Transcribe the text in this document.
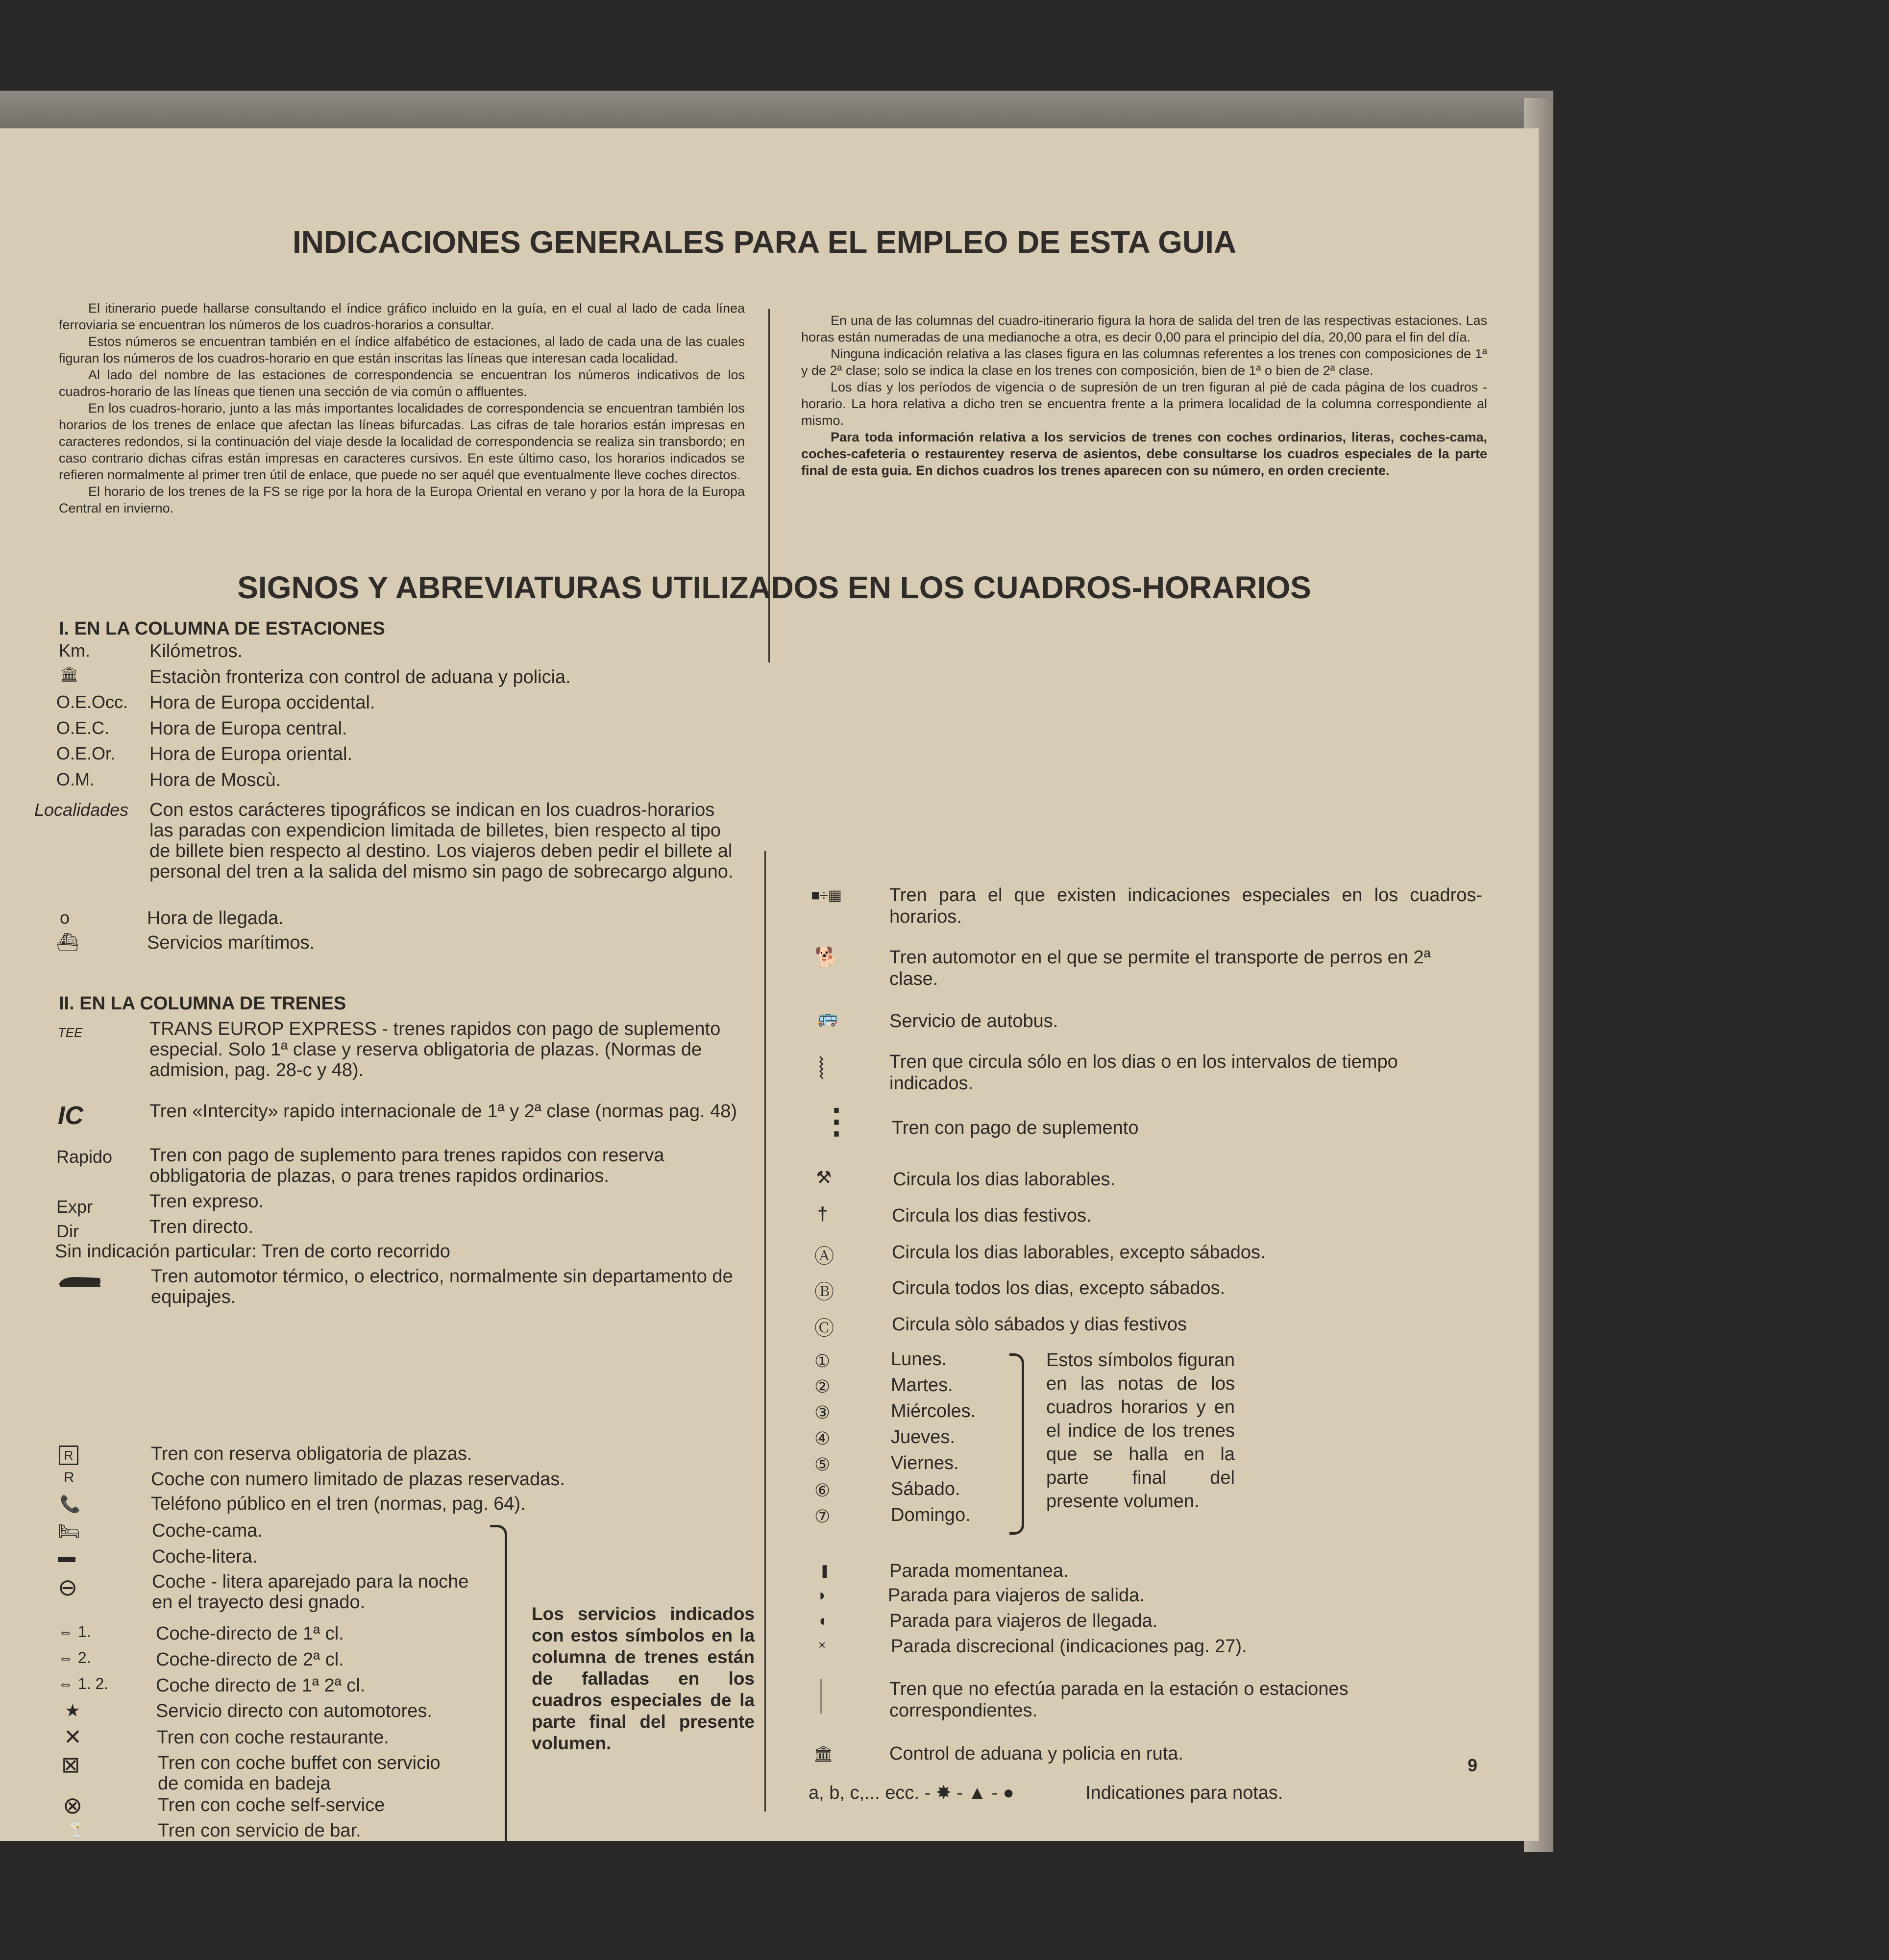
INDICACIONES GENERALES PARA EL EMPLEO DE ESTA GUIA

El itinerario puede hallarse consultando el índice gráfico incluido en la guía, en el cual al lado de cada línea ferroviaria se encuentran los números de los cuadros-horarios a consultar.

Estos números se encuentran también en el índice alfabético de estaciones, al lado de cada una de las cuales figuran los números de los cuadros-horario en que están inscritas las líneas que interesan cada localidad.

Al lado del nombre de las estaciones de correspondencia se encuentran los números indicativos de los cuadros-horario de las líneas que tienen una sección de via común o affluentes.

En los cuadros-horario, junto a las más importantes localidades de correspondencia se encuentran también los horarios de los trenes de enlace que afectan las líneas bifurcadas. Las cifras de tale horarios están impresas en caracteres redondos, si la continuación del viaje desde la localidad de correspondencia se realiza sin transbordo; en caso contrario dichas cifras están impresas en caracteres cursivos. En este último caso, los horarios indicados se refieren normalmente al primer tren útil de enlace, que puede no ser aquél que eventualmente lleve coches directos.

El horario de los trenes de la FS se rige por la hora de la Europa Oriental en verano y por la hora de la Europa Central en invierno.

En una de las columnas del cuadro-itinerario figura la hora de salida del tren de las respectivas estaciones. Las horas están numeradas de una medianoche a otra, es decir 0,00 para el principio del día, 20,00 para el fin del día.

Ninguna indicación relativa a las clases figura en las columnas referentes a los trenes con composiciones de 1ª y de 2ª clase; solo se indica la clase en los trenes con composición, bien de 1ª o bien de 2ª clase.

Los días y los períodos de vigencia o de supresión de un tren figuran al pié de cada página de los cuadros -horario. La hora relativa a dicho tren se encuentra frente a la primera localidad de la columna correspondiente al mismo.

Para toda información relativa a los servicios de trenes con coches ordinarios, literas, coches-cama, coches-cafeteria o restaurentey reserva de asientos, debe consultarse los cuadros especiales de la parte final de esta guia. En dichos cuadros los trenes aparecen con su número, en orden creciente.

SIGNOS Y ABREVIATURAS UTILIZADOS EN LOS CUADROS-HORARIOS
I. EN LA COLUMNA DE ESTACIONES
Km.	Kilómetros.
🏛	Estaciòn fronteriza con control de aduana y policia.
O.E.Occ. Hora de Europa occidental.
O.E.C. Hora de Europa central.
O.E.Or. Hora de Europa oriental.
O.M.	Hora de Moscù.
Localidades Con estos carácteres tipográficos se indican en los cuadros-horarios las paradas con expendicion limitada de billetes, bien respecto al tipo de billete bien respecto al destino. Los viajeros deben pedir el billete al personal del tren a la salida del mismo sin pago de sobrecargo alguno.
o	Hora de llegada.
⛴	Servicios marítimos.
II. EN LA COLUMNA DE TRENES
TEE	TRANS EUROP EXPRESS - trenes rapidos con pago de suplemento especial. Solo 1ª clase y reserva obligatoria de plazas. (Normas de admision, pag. 28-c y 48).
IC	Tren «Intercity» rapido internacionale de 1ª y 2ª clase (normas pag. 48)
Rapido Tren con pago de suplemento para trenes rapidos con reserva obbligatoria de plazas, o para trenes rapidos ordinarios.
Expr	Tren expreso.
Dir	Tren directo.
Sin indicación particular: Tren de corto recorrido
Tren automotor térmico, o electrico, normalmente sin departamento de equipajes.
R	Tren con reserva obligatoria de plazas.
R	Coche con numero limitado de plazas reservadas.
📞	Teléfono público en el tren (normas, pag. 64).
🛏	Coche-cama.
▬	Coche-litera.
⊖	Coche - litera aparejado para la noche en el trayecto desi gnado.
⇔ 1.	Coche-directo de 1ª cl.
⇔ 2.	Coche-directo de 2ª cl.
⇔ 1. 2.	Coche directo de 1ª 2ª cl.
★	Servicio directo con automotores.
✕	Tren con coche restaurante.
⊠	Tren con coche buffet con servicio de comida en badeja
⊗	Tren con coche self-service
🍸	Tren con servicio de bar.
Los servicios indicados con estos símbolos en la columna de trenes están de falladas en los cuadros especiales de la parte final del presente volumen.
■÷▦	Tren para el que existen indicaciones especiales en los cuadros-horarios.
🐕	Tren automotor en el que se permite el transporte de perros en 2ª clase.
🚌	Servicio de autobus.
⦚	Tren que circula sólo en los dias o en los intervalos de tiempo indicados.
⋮ Tren con pago de suplemento
⚒	Circula los dias laborables.
†	Circula los dias festivos.
Ⓐ	Circula los dias laborables, excepto sábados.
Ⓑ	Circula todos los dias, excepto sábados.
Ⓒ	Circula sòlo sábados y dias festivos
①	Lunes.
②	Martes.
③	Miércoles.
④	Jueves.
⑤	Viernes.
⑥	Sábado.
⑦	Domingo.
Estos símbolos figuran en las notas de los cuadros horarios y en el indice de los trenes que se halla en la parte final del presente volumen.
❚	Parada momentanea.
◗	Parada para viajeros de salida.
◖	Parada para viajeros de llegada.
×	Parada discrecional (indicaciones pag. 27).
Tren que no efectúa parada en la estación o estaciones correspondientes.
🏛	Control de aduana y policia en ruta.
a, b, c,... ecc. - ✸ - ▲ - ●	Indicationes para notas.
9
